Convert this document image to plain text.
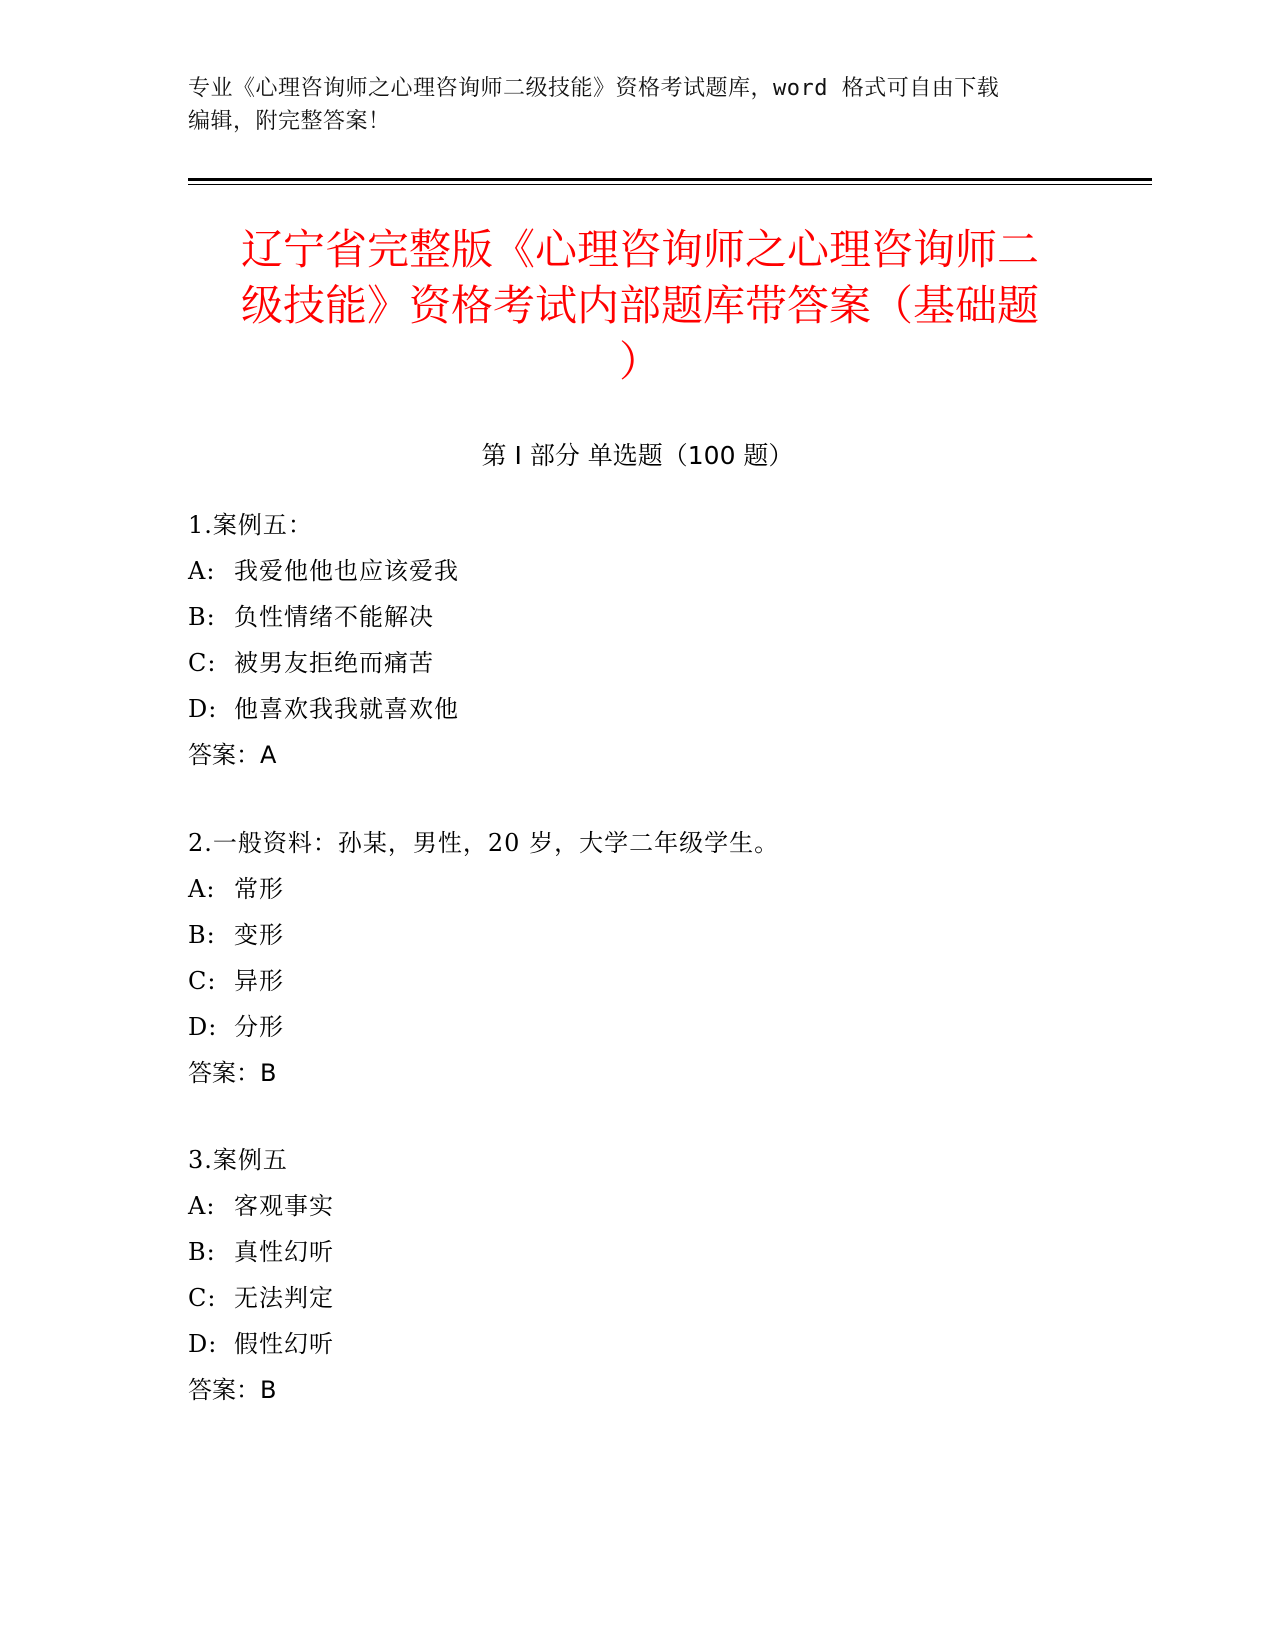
专业《心理咨询师之心理咨询师二级技能》资格考试题库，word 格式可自由下载
编辑，附完整答案！
辽宁省完整版《心理咨询师之心理咨询师二
级技能》资格考试内部题库带答案（基础题
）
第 I 部分 单选题（100 题）
1.案例五：
A: 我爱他他也应该爱我
B: 负性情绪不能解决
C: 被男友拒绝而痛苦
D: 他喜欢我我就喜欢他
答案：A
2.一般资料：孙某，男性，20 岁，大学二年级学生。
A: 常形
B: 变形
C: 异形
D: 分形
答案：B
3.案例五
A: 客观事实
B: 真性幻听
C: 无法判定
D: 假性幻听
答案：B
